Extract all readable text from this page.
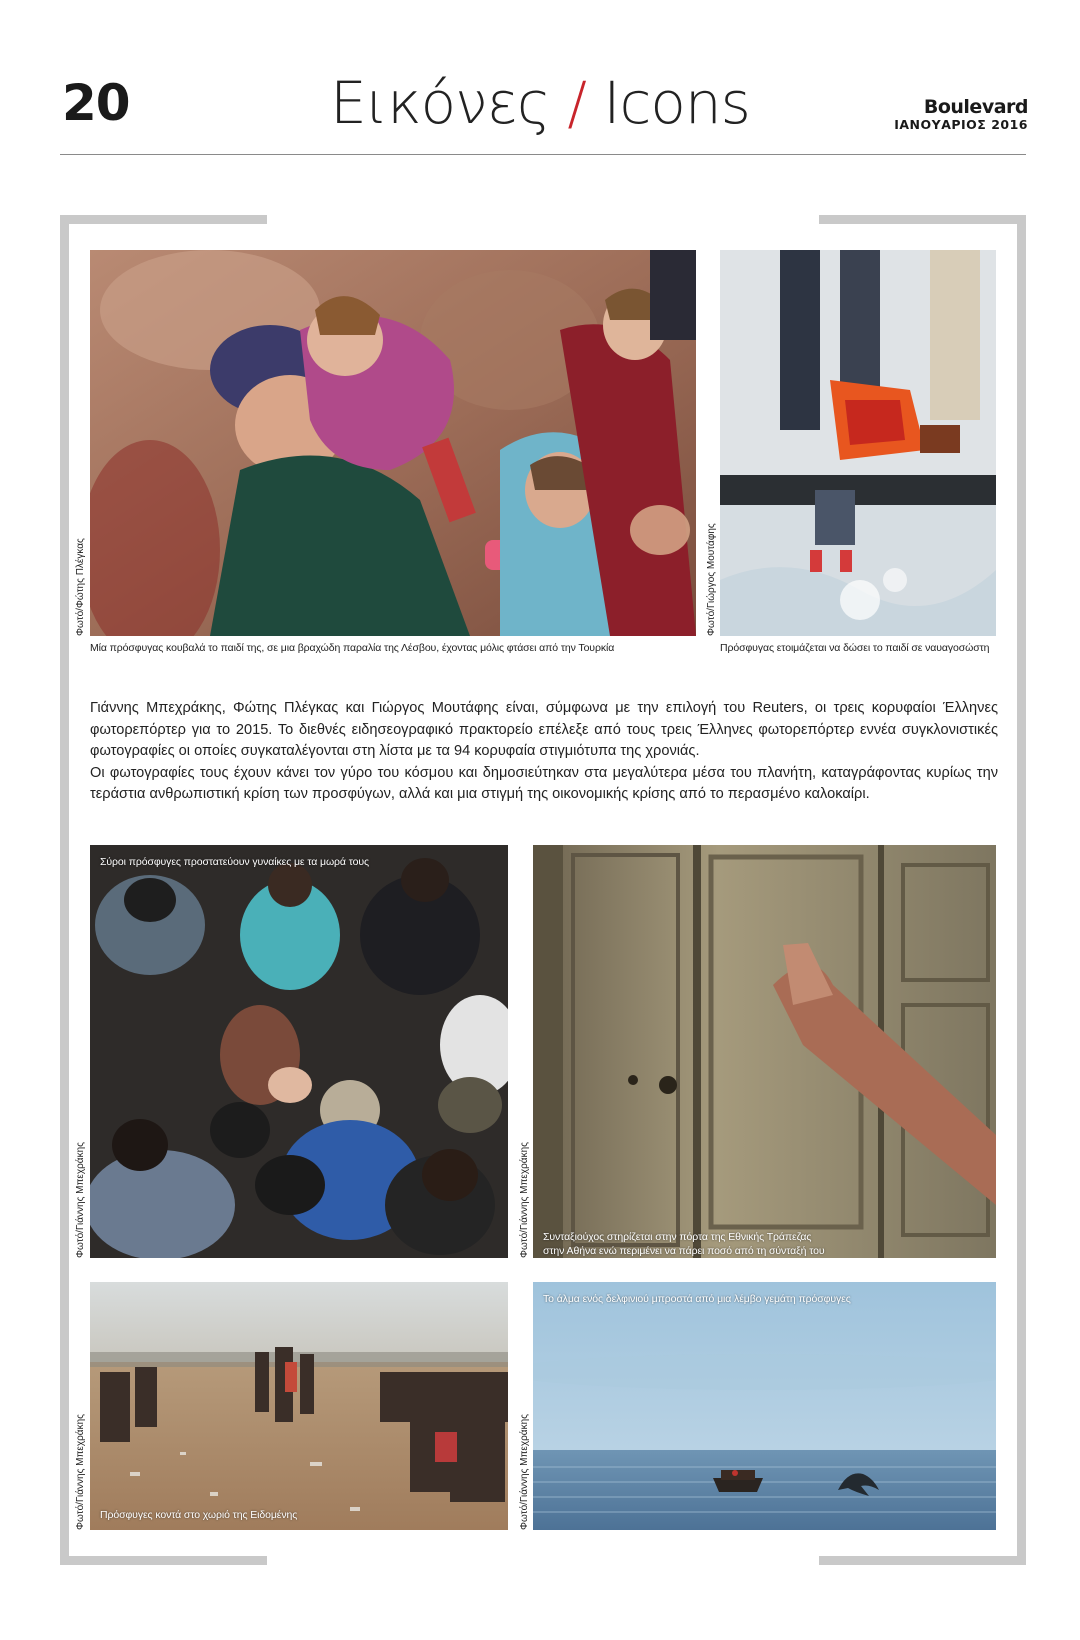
20	Εικόνες / Icons	Boulevard
ΙΑΝΟΥΑΡΙΟΣ 2016
Φωτό/Φώτης Πλέγκας
Μία πρόσφυγας κουβαλά το παιδί της, σε μια βραχώδη παραλία της Λέσβου, έχοντας μόλις φτάσει από την Τουρκία
Φωτό/Γιώργος Μουτάφης
Πρόσφυγας ετοιμάζεται να δώσει το παιδί σε ναυαγοσώστη

Γιάννης Μπεχράκης, Φώτης Πλέγκας και Γιώργος Μουτάφης είναι, σύμφωνα με την επιλογή του Reuters, οι τρεις κορυφαίοι Έλληνες φωτορεπόρτερ για το 2015. Το διεθνές ειδησεογραφικό πρακτορείο επέλεξε από τους τρεις Έλληνες φωτορεπόρτερ εννέα συγκλονιστικές φωτογραφίες οι οποίες συγκαταλέγονται στη λίστα με τα 94 κορυφαία στιγμιότυπα της χρονιάς.

Οι φωτογραφίες τους έχουν κάνει τον γύρο του κόσμου και δημοσιεύτηκαν στα μεγαλύτερα μέσα του πλανήτη, καταγράφοντας κυρίως την τεράστια ανθρωπιστική κρίση των προσφύγων, αλλά και μια στιγμή της οικονομικής κρίσης από το περασμένο καλοκαίρι.

Σύροι πρόσφυγες προστατεύουν γυναίκες με τα μωρά τους
Φωτό/Γιάννης Μπεχράκης	Συνταξιούχος στηρίζεται στην πόρτα της Εθνικής Τράπεζας
στην Αθήνα ενώ περιμένει να πάρει ποσό από τη σύνταξή του
Φωτό/Γιάννης Μπεχράκης
Πρόσφυγες κοντά στο χωριό της Ειδομένης
Φωτό/Γιάννης Μπεχράκης
Το άλμα ενός δελφινιού μπροστά από μια λέμβο γεμάτη πρόσφυγες
Φωτό/Γιάννης Μπεχράκης
